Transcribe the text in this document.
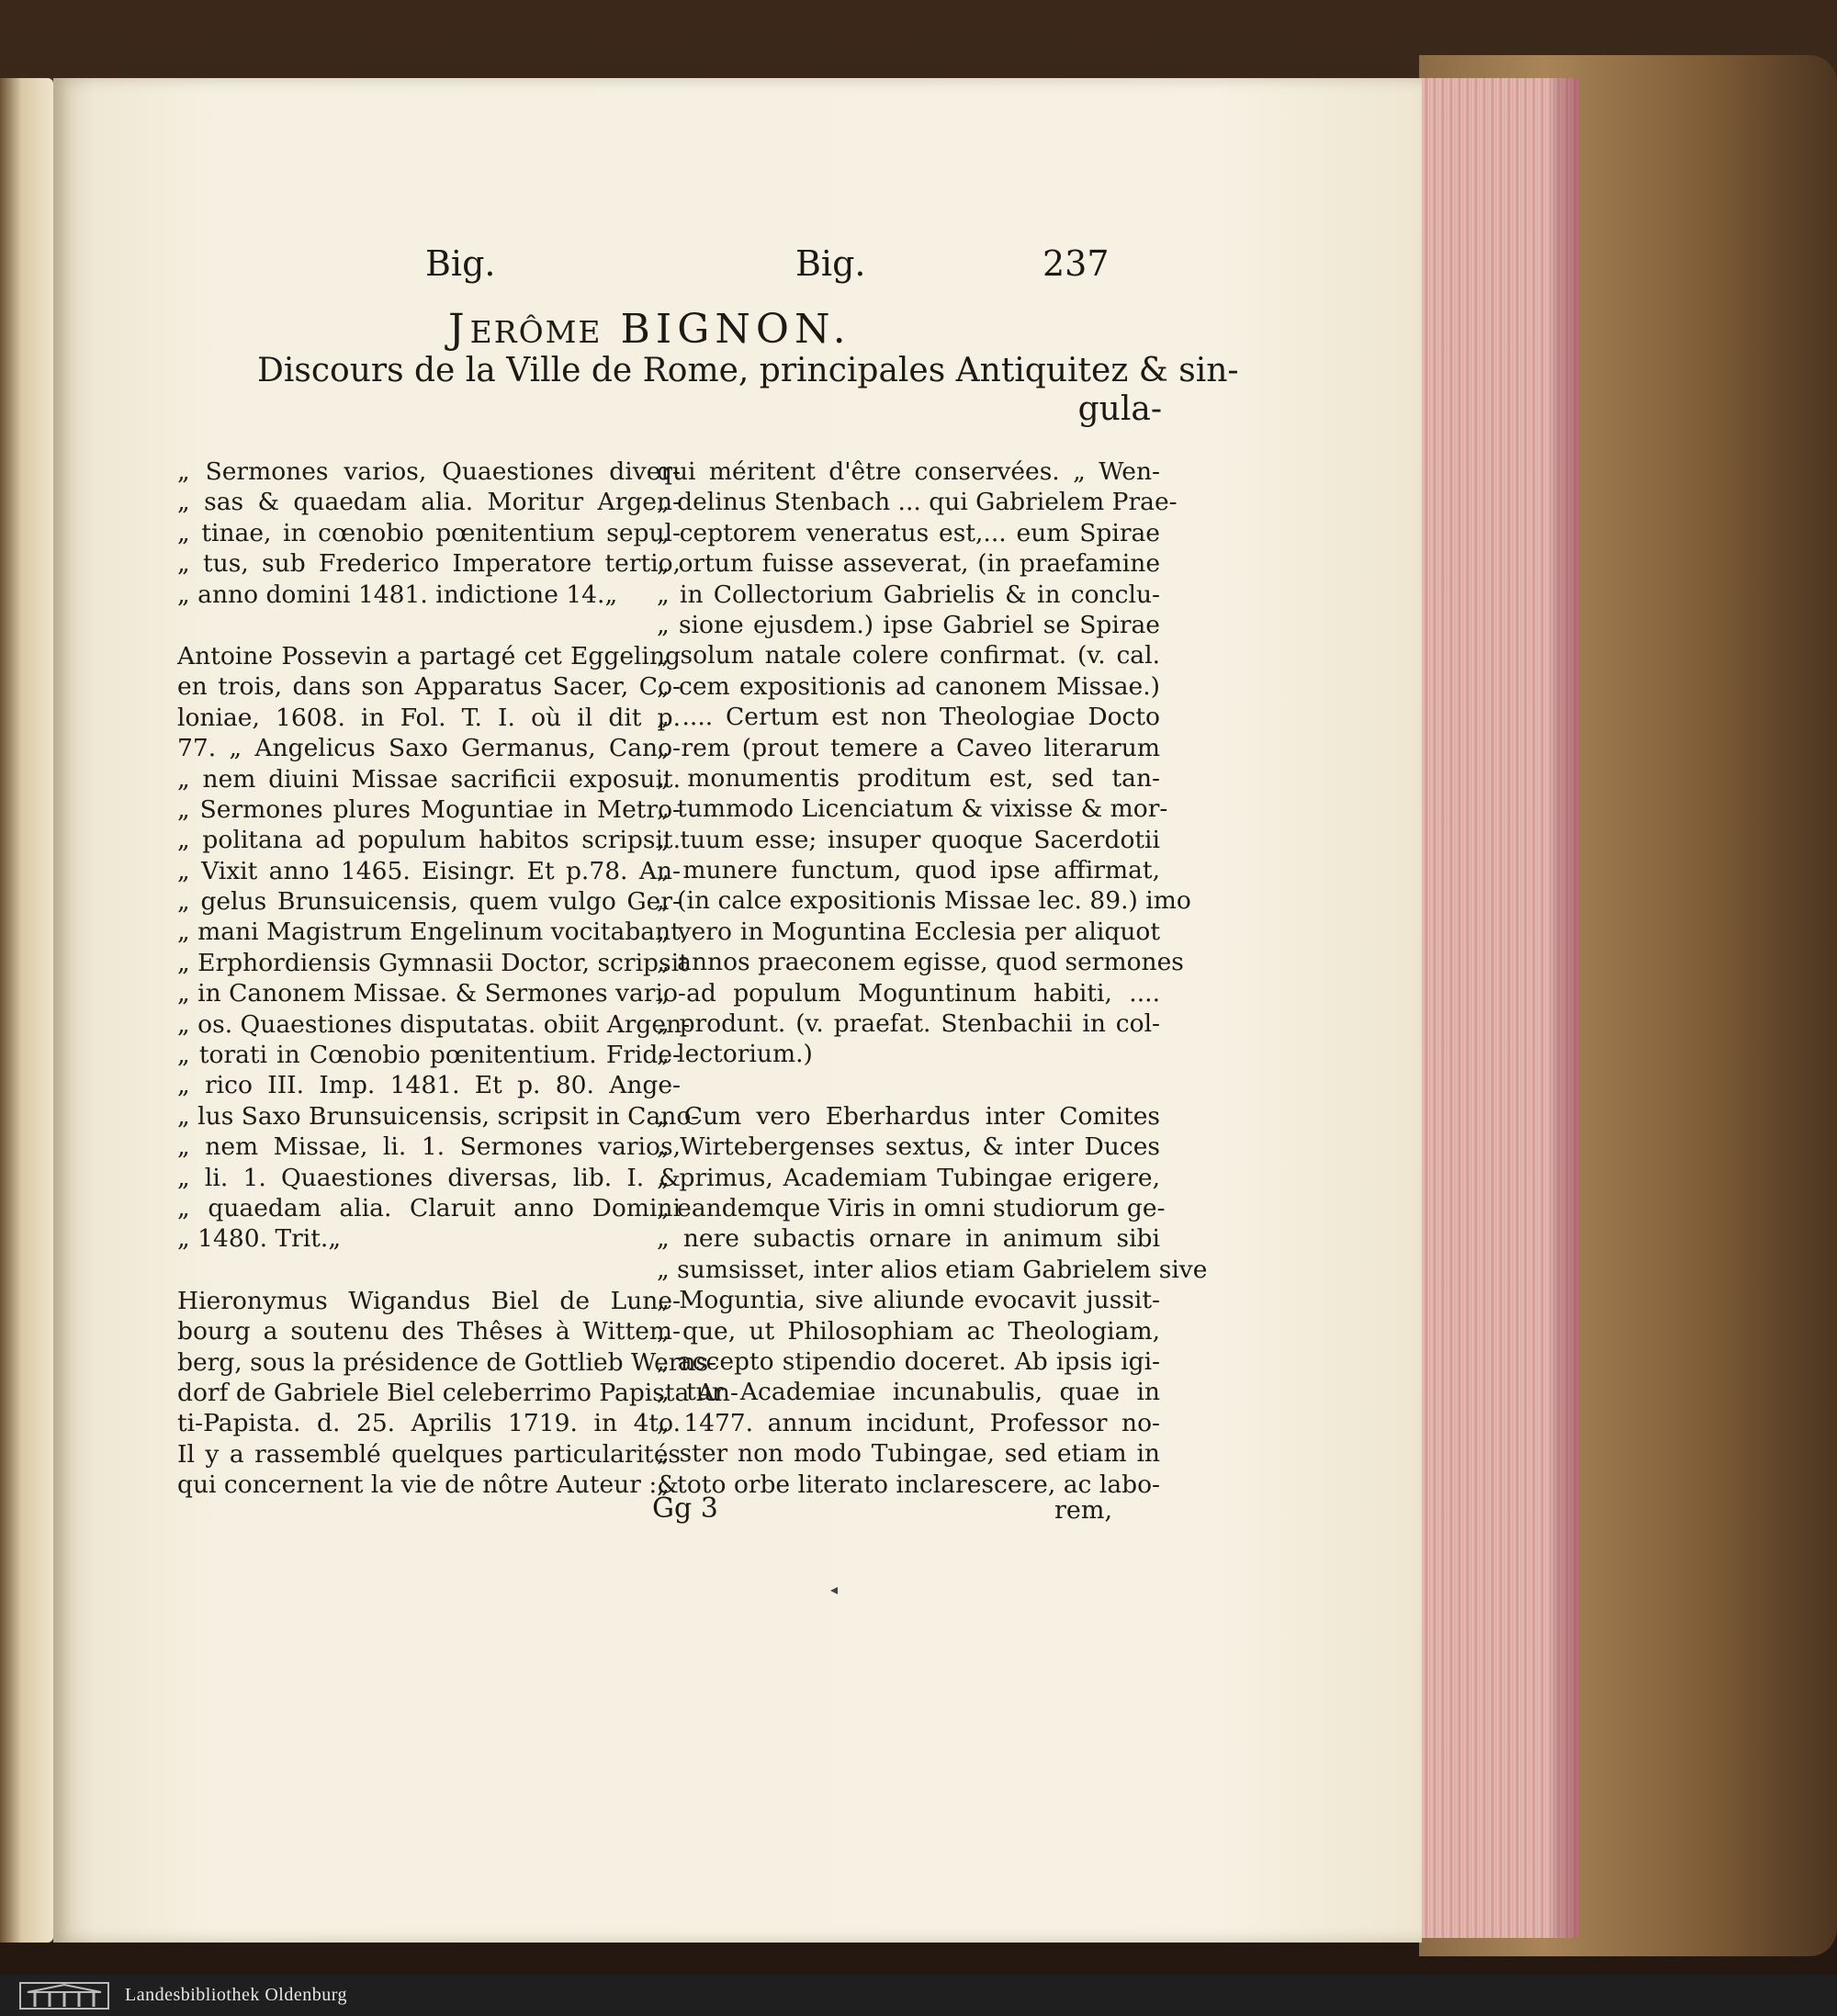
Big.	Big.	237
JERÔME BIGNON.
Discours de la Ville de Rome, principales Antiquitez & sin-
gula-
„ Sermones varios, Quaestiones diver-
„ sas & quaedam alia. Moritur Argen-
„ tinae, in cœnobio pœnitentium sepul-
„ tus, sub Frederico Imperatore tertio,
„ anno domini 1481. indictione 14.„
Antoine Possevin a partagé cet Eggeling
en trois, dans son Apparatus Sacer, Co-
loniae, 1608. in Fol. T. I. où il dit p.
77. „ Angelicus Saxo Germanus, Cano-
„ nem diuini Missae sacrificii exposuit.
„ Sermones plures Moguntiae in Metro-
„ politana ad populum habitos scripsit.
„ Vixit anno 1465. Eisingr. Et p.78. An-
„ gelus Brunsuicensis, quem vulgo Ger-
„ mani Magistrum Engelinum vocitabant,
„ Erphordiensis Gymnasii Doctor, scripsit
„ in Canonem Missae. & Sermones vario-
„ os. Quaestiones disputatas. obiit Argen-
„ torati in Cœnobio pœnitentium. Fride-
„ rico III. Imp. 1481. Et p. 80. Ange-
„ lus Saxo Brunsuicensis, scripsit in Cano-
„ nem Missae, li. 1. Sermones varios,
„ li. 1. Quaestiones diversas, lib. I. &
„ quaedam alia. Claruit anno Domini
„ 1480. Trit.„
Hieronymus Wigandus Biel de Lune-
bourg a soutenu des Thêses à Wittem-
berg, sous la présidence de Gottlieb Werns-
dorf de Gabriele Biel celeberrimo Papista An-
ti-Papista. d. 25. Aprilis 1719. in 4to.
Il y a rassemblé quelques particularités
qui concernent la vie de nôtre Auteur :&
qui méritent d'être conservées. „ Wen-
„ delinus Stenbach ... qui Gabrielem Prae-
„ ceptorem veneratus est,... eum Spirae
„ ortum fuisse asseverat, (in praefamine
„ in Collectorium Gabrielis & in conclu-
„ sione ejusdem.) ipse Gabriel se Spirae
„ solum natale colere confirmat. (v. cal.
„ cem expositionis ad canonem Missae.)
„ .... Certum est non Theologiae Docto
„ rem (prout temere a Caveo literarum
„ monumentis proditum est, sed tan-
„ tummodo Licenciatum & vixisse & mor-
„ tuum esse; insuper quoque Sacerdotii
„ munere functum, quod ipse affirmat,
„ (in calce expositionis Missae lec. 89.) imo
„ vero in Moguntina Ecclesia per aliquot
„ annos praeconem egisse, quod sermones
„ ad populum Moguntinum habiti, ....
„ produnt. (v. praefat. Stenbachii in col-
„ lectorium.)
„ Cum vero Eberhardus inter Comites
„ Wirtebergenses sextus, & inter Duces
„ primus, Academiam Tubingae erigere,
„ eandemque Viris in omni studiorum ge-
„ nere subactis ornare in animum sibi
„ sumsisset, inter alios etiam Gabrielem sive
„ Moguntia, sive aliunde evocavit jussit-
„ que, ut Philosophiam ac Theologiam,
„ accepto stipendio doceret. Ab ipsis igi-
„ tur Academiae incunabulis, quae in
„ 1477. annum incidunt, Professor no-
„ ster non modo Tubingae, sed etiam in
„ toto orbe literato inclarescere, ac labo-
Gg 3	rem,
◂
Landesbibliothek Oldenburg
